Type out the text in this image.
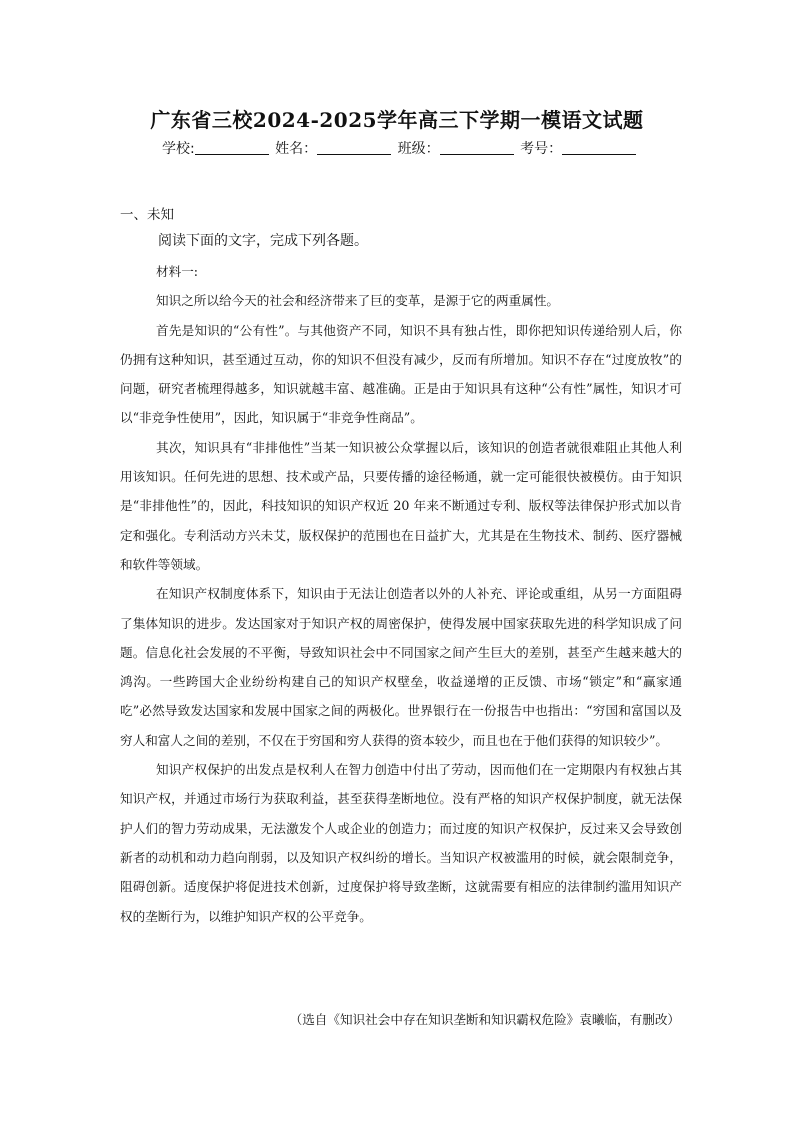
广东省三校2024-2025学年高三下学期一模语文试题
学校:	姓名：	班级：	考号：
一、未知
阅读下面的文字，完成下列各题。

材料一:

知识之所以给今天的社会和经济带来了巨的变革，是源于它的两重属性。

首先是知识的“公有性”。与其他资产不同，知识不具有独占性，即你把知识传递给别人后，你仍拥有这种知识，甚至通过互动，你的知识不但没有减少，反而有所增加。知识不存在“过度放牧”的问题，研究者梳理得越多，知识就越丰富、越准确。正是由于知识具有这种“公有性”属性，知识才可以“非竞争性使用”，因此，知识属于“非竞争性商品”。

其次，知识具有“非排他性”当某一知识被公众掌握以后，该知识的创造者就很难阻止其他人利用该知识。任何先进的思想、技术或产品，只要传播的途径畅通，就一定可能很快被模仿。由于知识是“非排他性”的，因此，科技知识的知识产权近 20 年来不断通过专利、版权等法律保护形式加以肯定和强化。专利活动方兴未艾，版权保护的范围也在日益扩大，尤其是在生物技术、制药、医疗器械和软件等领域。

在知识产权制度体系下，知识由于无法让创造者以外的人补充、评论或重组，从另一方面阻碍了集体知识的进步。发达国家对于知识产权的周密保护，使得发展中国家获取先进的科学知识成了问题。信息化社会发展的不平衡，导致知识社会中不同国家之间产生巨大的差别，甚至产生越来越大的鸿沟。一些跨国大企业纷纷构建自己的知识产权壁垒，收益递增的正反馈、市场“锁定”和“赢家通吃”必然导致发达国家和发展中国家之间的两极化。世界银行在一份报告中也指出：“穷国和富国以及穷人和富人之间的差别，不仅在于穷国和穷人获得的资本较少，而且也在于他们获得的知识较少”。

知识产权保护的出发点是权利人在智力创造中付出了劳动，因而他们在一定期限内有权独占其知识产权，并通过市场行为获取利益，甚至获得垄断地位。没有严格的知识产权保护制度，就无法保护人们的智力劳动成果，无法激发个人或企业的创造力；而过度的知识产权保护，反过来又会导致创新者的动机和动力趋向削弱，以及知识产权纠纷的增长。当知识产权被滥用的时候，就会限制竞争，阻碍创新。适度保护将促进技术创新，过度保护将导致垄断，这就需要有相应的法律制约滥用知识产权的垄断行为，以维护知识产权的公平竞争。

（选自《知识社会中存在知识垄断和知识霸权危险》袁曦临，有删改）
